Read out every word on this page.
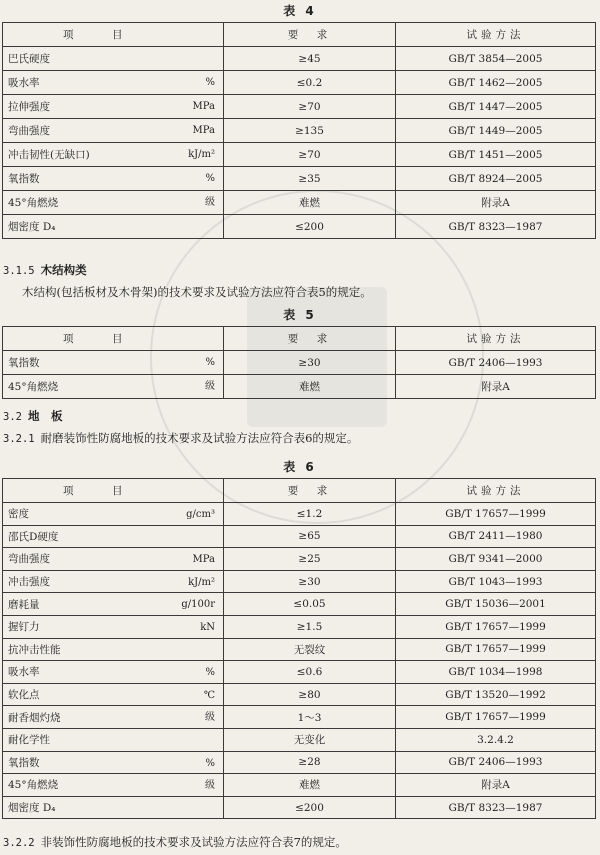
表 4
项　目	要　求	试验方法
巴氏硬度	≥45	GB/T 3854—2005
吸水率 %	≤0.2	GB/T 1462—2005
拉伸强度 MPa	≥70	GB/T 1447—2005
弯曲强度 MPa	≥135	GB/T 1449—2005
冲击韧性(无缺口) kJ/m²	≥70	GB/T 1451—2005
氧指数 %	≥35	GB/T 8924—2005
45°角燃烧 级	难燃	附录A
烟密度 D₄	≤200	GB/T 8323—1987
3.1.5 木结构类
木结构(包括板材及木骨架)的技术要求及试验方法应符合表5的规定。
表 5
项　目	要　求	试验方法
氧指数 %	≥30	GB/T 2406—1993
45°角燃烧 级	难燃	附录A
3.2 地　板
3.2.1 耐磨装饰性防腐地板的技术要求及试验方法应符合表6的规定。
表 6
项　目	要　求	试验方法
密度 g/cm³	≤1.2	GB/T 17657—1999
邵氏D硬度	≥65	GB/T 2411—1980
弯曲强度 MPa	≥25	GB/T 9341—2000
冲击强度 kJ/m²	≥30	GB/T 1043—1993
磨耗量 g/100r	≤0.05	GB/T 15036—2001
握钉力 kN	≥1.5	GB/T 17657—1999
抗冲击性能	无裂纹	GB/T 17657—1999
吸水率 %	≤0.6	GB/T 1034—1998
软化点 ℃	≥80	GB/T 13520—1992
耐香烟灼烧 级	1～3	GB/T 17657—1999
耐化学性	无变化	3.2.4.2
氧指数 %	≥28	GB/T 2406—1993
45°角燃烧 级	难燃	附录A
烟密度 D₄	≤200	GB/T 8323—1987
3.2.2 非装饰性防腐地板的技术要求及试验方法应符合表7的规定。
